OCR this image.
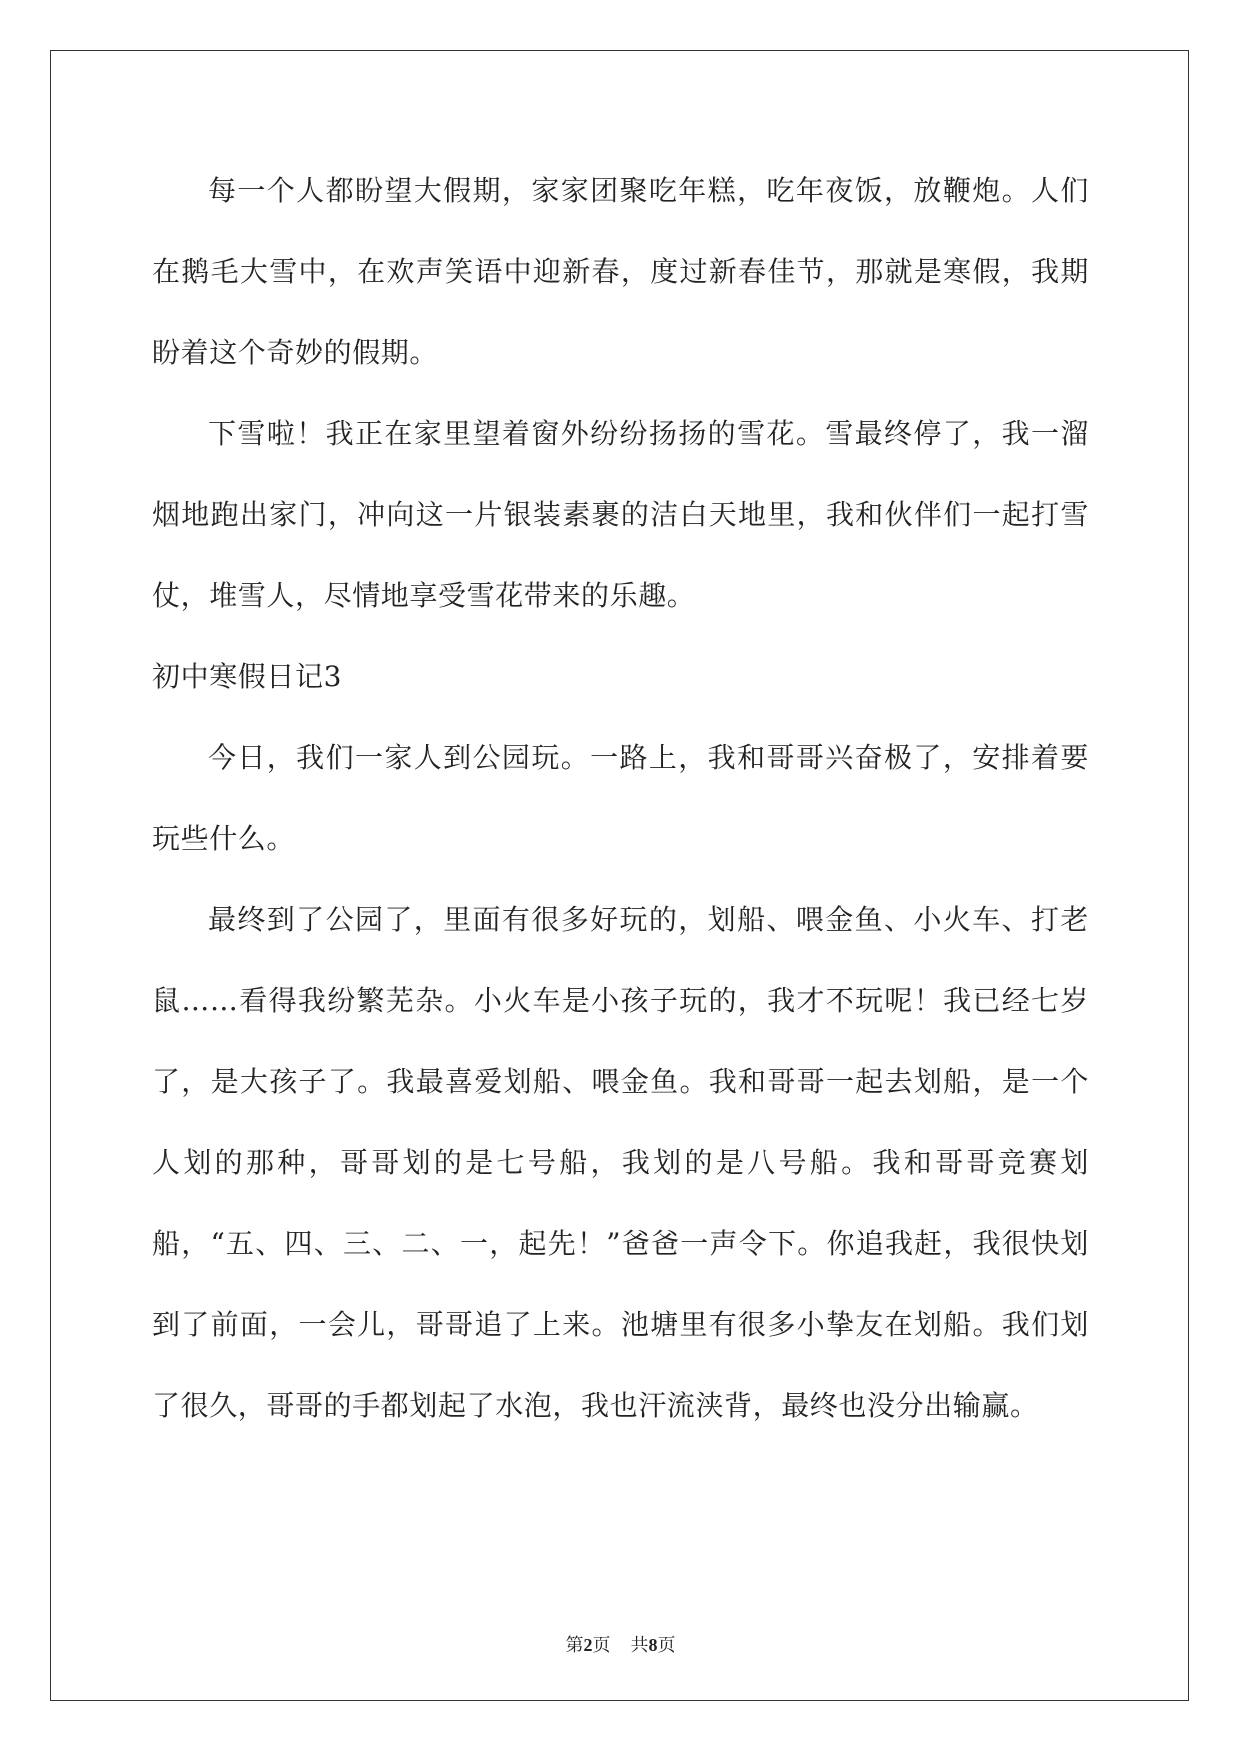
每一个人都盼望大假期，家家团聚吃年糕，吃年夜饭，放鞭炮。人们在鹅毛大雪中，在欢声笑语中迎新春，度过新春佳节，那就是寒假，我期盼着这个奇妙的假期。

下雪啦！我正在家里望着窗外纷纷扬扬的雪花。雪最终停了，我一溜烟地跑出家门，冲向这一片银装素裹的洁白天地里，我和伙伴们一起打雪仗，堆雪人，尽情地享受雪花带来的乐趣。

初中寒假日记3

今日，我们一家人到公园玩。一路上，我和哥哥兴奋极了，安排着要玩些什么。

最终到了公园了，里面有很多好玩的，划船、喂金鱼、小火车、打老鼠……看得我纷繁芜杂。小火车是小孩子玩的，我才不玩呢！我已经七岁了，是大孩子了。我最喜爱划船、喂金鱼。我和哥哥一起去划船，是一个人划的那种，哥哥划的是七号船，我划的是八号船。我和哥哥竞赛划船，“五、四、三、二、一，起先！”爸爸一声令下。你追我赶，我很快划到了前面，一会儿，哥哥追了上来。池塘里有很多小挚友在划船。我们划了很久，哥哥的手都划起了水泡，我也汗流浃背，最终也没分出输赢。

第2页 共8页
